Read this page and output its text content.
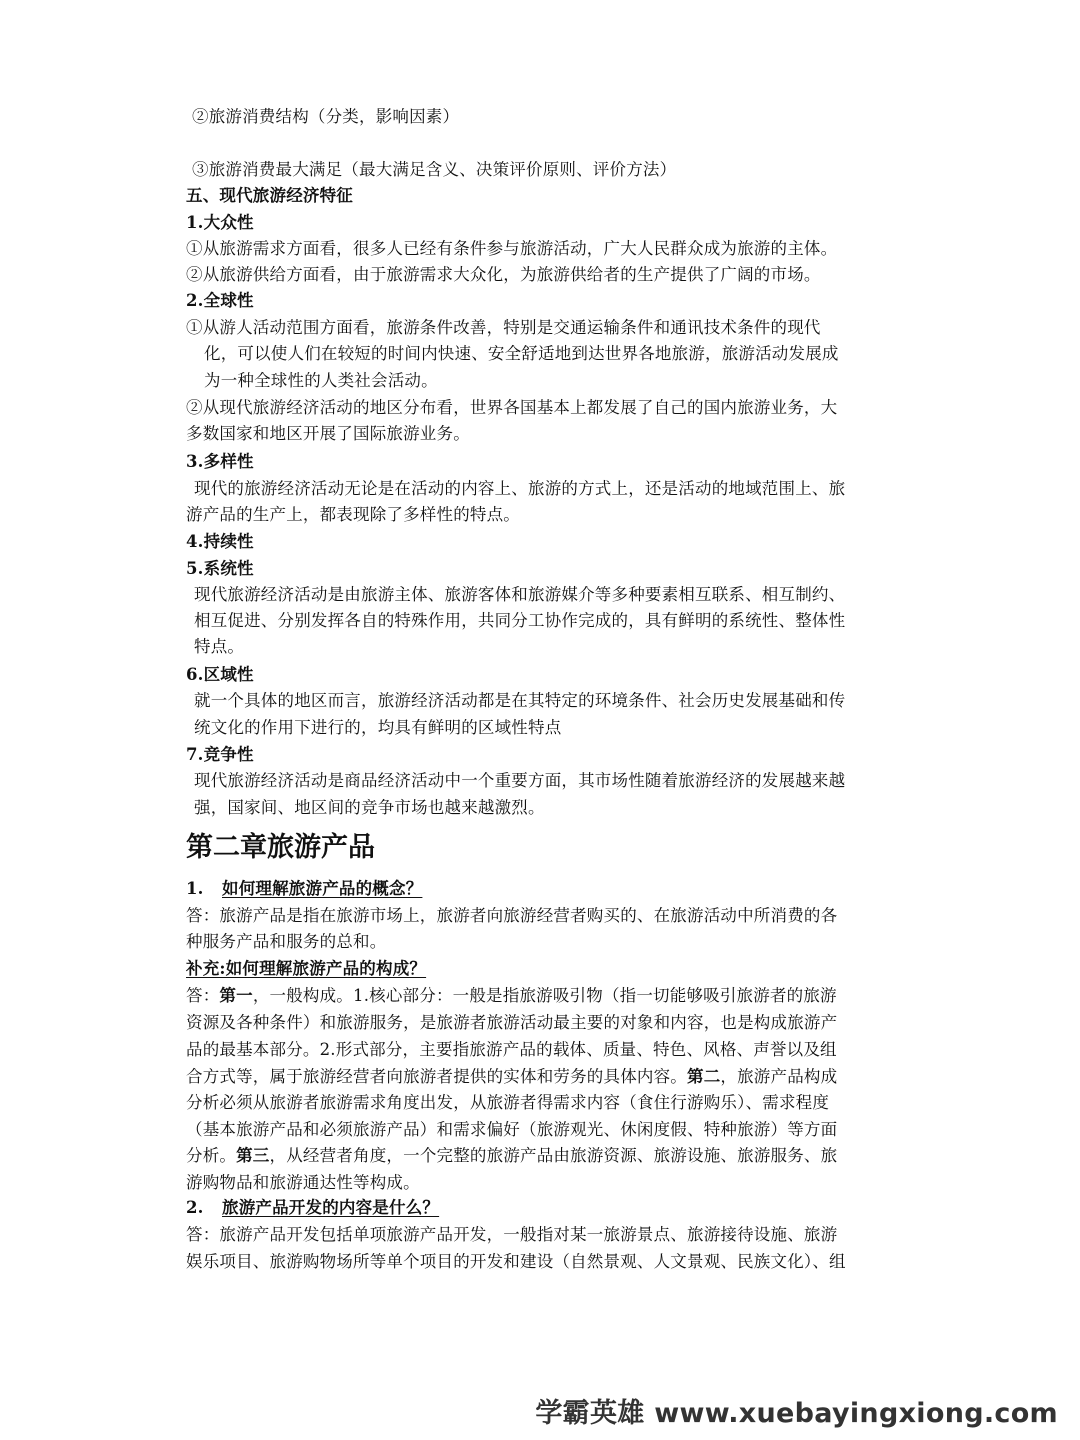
②旅游消费结构（分类，影响因素）
③旅游消费最大满足（最大满足含义、决策评价原则、评价方法）
五、现代旅游经济特征
1.大众性
①从旅游需求方面看，很多人已经有条件参与旅游活动，广大人民群众成为旅游的主体。
②从旅游供给方面看，由于旅游需求大众化，为旅游供给者的生产提供了广阔的市场。
2.全球性
①从游人活动范围方面看，旅游条件改善，特别是交通运输条件和通讯技术条件的现代
化，可以使人们在较短的时间内快速、安全舒适地到达世界各地旅游，旅游活动发展成
为一种全球性的人类社会活动。
②从现代旅游经济活动的地区分布看，世界各国基本上都发展了自己的国内旅游业务，大
多数国家和地区开展了国际旅游业务。
3.多样性
现代的旅游经济活动无论是在活动的内容上、旅游的方式上，还是活动的地域范围上、旅
游产品的生产上，都表现除了多样性的特点。
4.持续性
5.系统性
现代旅游经济活动是由旅游主体、旅游客体和旅游媒介等多种要素相互联系、相互制约、
相互促进、分别发挥各自的特殊作用，共同分工协作完成的，具有鲜明的系统性、整体性
特点。
6.区域性
就一个具体的地区而言，旅游经济活动都是在其特定的环境条件、社会历史发展基础和传
统文化的作用下进行的，均具有鲜明的区域性特点
7.竞争性
现代旅游经济活动是商品经济活动中一个重要方面，其市场性随着旅游经济的发展越来越
强，国家间、地区间的竞争市场也越来越激烈。
第二章旅游产品
1. 如何理解旅游产品的概念？
答：旅游产品是指在旅游市场上，旅游者向旅游经营者购买的、在旅游活动中所消费的各
种服务产品和服务的总和。
补充:如何理解旅游产品的构成？
答：第一，一般构成。1.核心部分：一般是指旅游吸引物（指一切能够吸引旅游者的旅游
资源及各种条件）和旅游服务，是旅游者旅游活动最主要的对象和内容，也是构成旅游产
品的最基本部分。2.形式部分，主要指旅游产品的载体、质量、特色、风格、声誉以及组
合方式等，属于旅游经营者向旅游者提供的实体和劳务的具体内容。第二，旅游产品构成
分析必须从旅游者旅游需求角度出发，从旅游者得需求内容（食住行游购乐）、需求程度
（基本旅游产品和必须旅游产品）和需求偏好（旅游观光、休闲度假、特种旅游）等方面
分析。第三，从经营者角度，一个完整的旅游产品由旅游资源、旅游设施、旅游服务、旅
游购物品和旅游通达性等构成。
2. 旅游产品开发的内容是什么？
答：旅游产品开发包括单项旅游产品开发，一般指对某一旅游景点、旅游接待设施、旅游
娱乐项目、旅游购物场所等单个项目的开发和建设（自然景观、人文景观、民族文化）、组
学霸英雄 www.xuebayingxiong.com
